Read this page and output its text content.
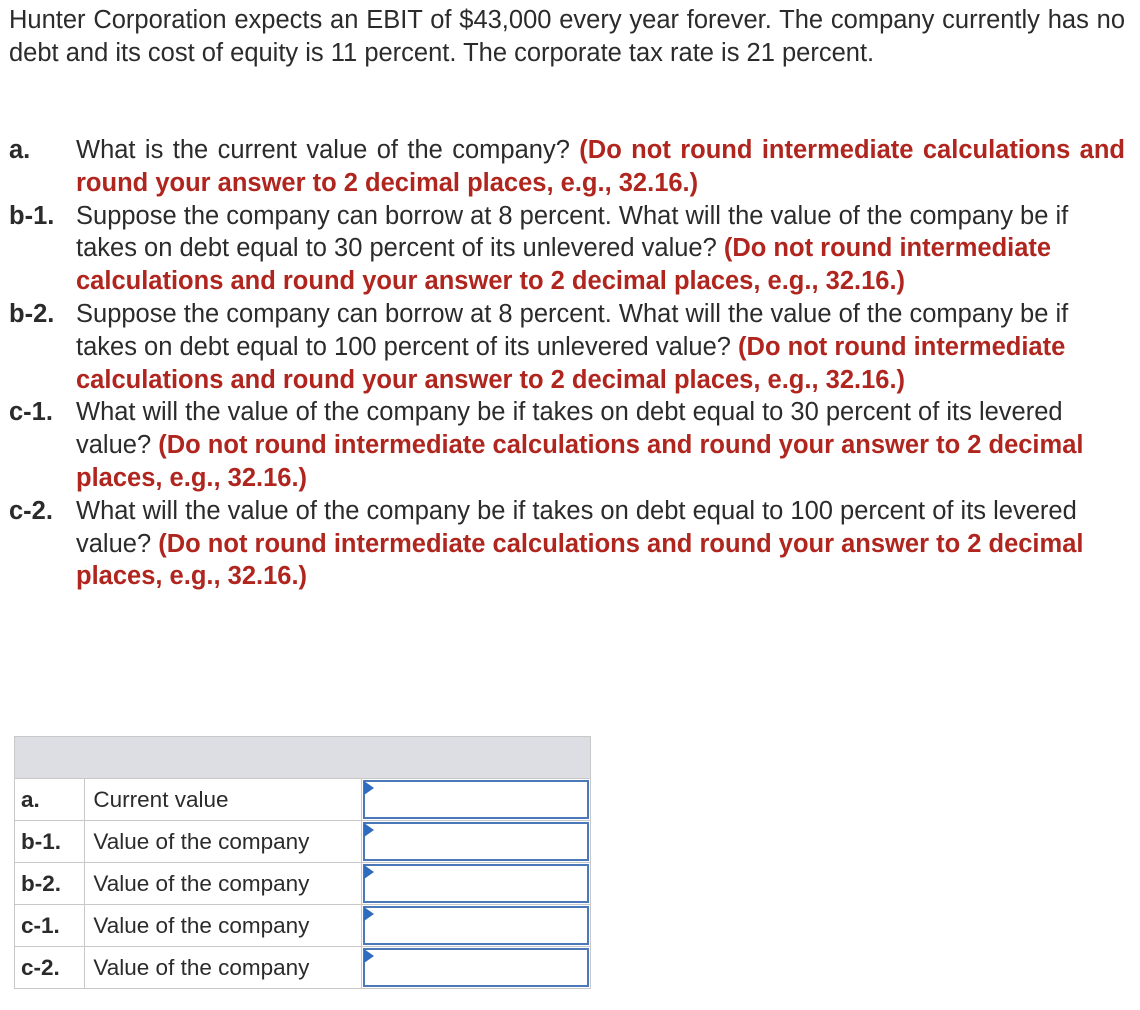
Hunter Corporation expects an EBIT of $43,000 every year forever. The company currently has no debt and its cost of equity is 11 percent. The corporate tax rate is 21 percent.
a.	What is the current value of the company? (Do not round intermediate calculations and round your answer to 2 decimal places, e.g., 32.16.)
b-1. Suppose the company can borrow at 8 percent. What will the value of the company be if takes on debt equal to 30 percent of its unlevered value? (Do not round intermediate calculations and round your answer to 2 decimal places, e.g., 32.16.)
b-2. Suppose the company can borrow at 8 percent. What will the value of the company be if takes on debt equal to 100 percent of its unlevered value? (Do not round intermediate calculations and round your answer to 2 decimal places, e.g., 32.16.)
c-1. What will the value of the company be if takes on debt equal to 30 percent of its levered value? (Do not round intermediate calculations and round your answer to 2 decimal places, e.g., 32.16.)
c-2. What will the value of the company be if takes on debt equal to 100 percent of its levered value? (Do not round intermediate calculations and round your answer to 2 decimal places, e.g., 32.16.)

a.	Current value	

b-1.	Value of the company	

b-2.	Value of the company	

c-1.	Value of the company	

c-2.	Value of the company	
